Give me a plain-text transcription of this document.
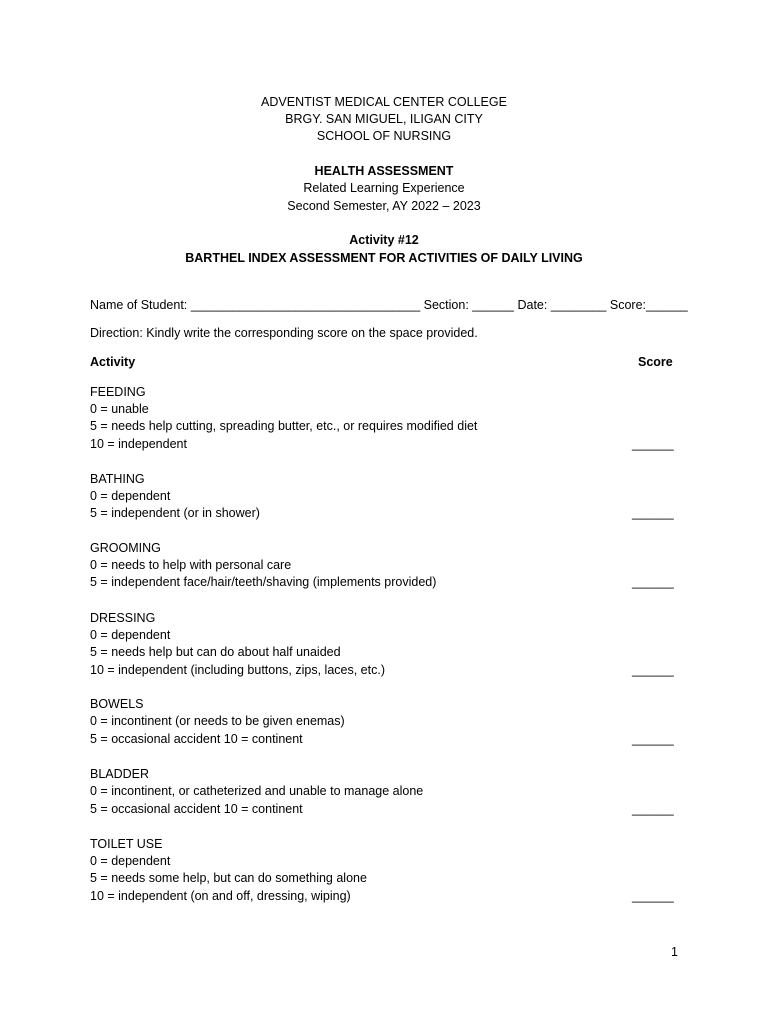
ADVENTIST MEDICAL CENTER COLLEGE
BRGY. SAN MIGUEL, ILIGAN CITY
SCHOOL OF NURSING
HEALTH ASSESSMENT
Related Learning Experience
Second Semester, AY 2022 – 2023
Activity #12
BARTHEL INDEX ASSESSMENT FOR ACTIVITIES OF DAILY LIVING
Name of Student: _________________________________ Section: ______ Date: ________ Score:______
Direction: Kindly write the corresponding score on the space provided.
Activity	Score
FEEDING
0 = unable
5 = needs help cutting, spreading butter, etc., or requires modified diet
10 = independent	______
BATHING
0 = dependent
5 = independent (or in shower)	______
GROOMING
0 = needs to help with personal care
5 = independent face/hair/teeth/shaving (implements provided)	______
DRESSING
0 = dependent
5 = needs help but can do about half unaided
10 = independent (including buttons, zips, laces, etc.)	______
BOWELS
0 = incontinent (or needs to be given enemas)
5 = occasional accident 10 = continent	______
BLADDER
0 = incontinent, or catheterized and unable to manage alone
5 = occasional accident 10 = continent	______
TOILET USE
0 = dependent
5 = needs some help, but can do something alone
10 = independent (on and off, dressing, wiping)	______
1
